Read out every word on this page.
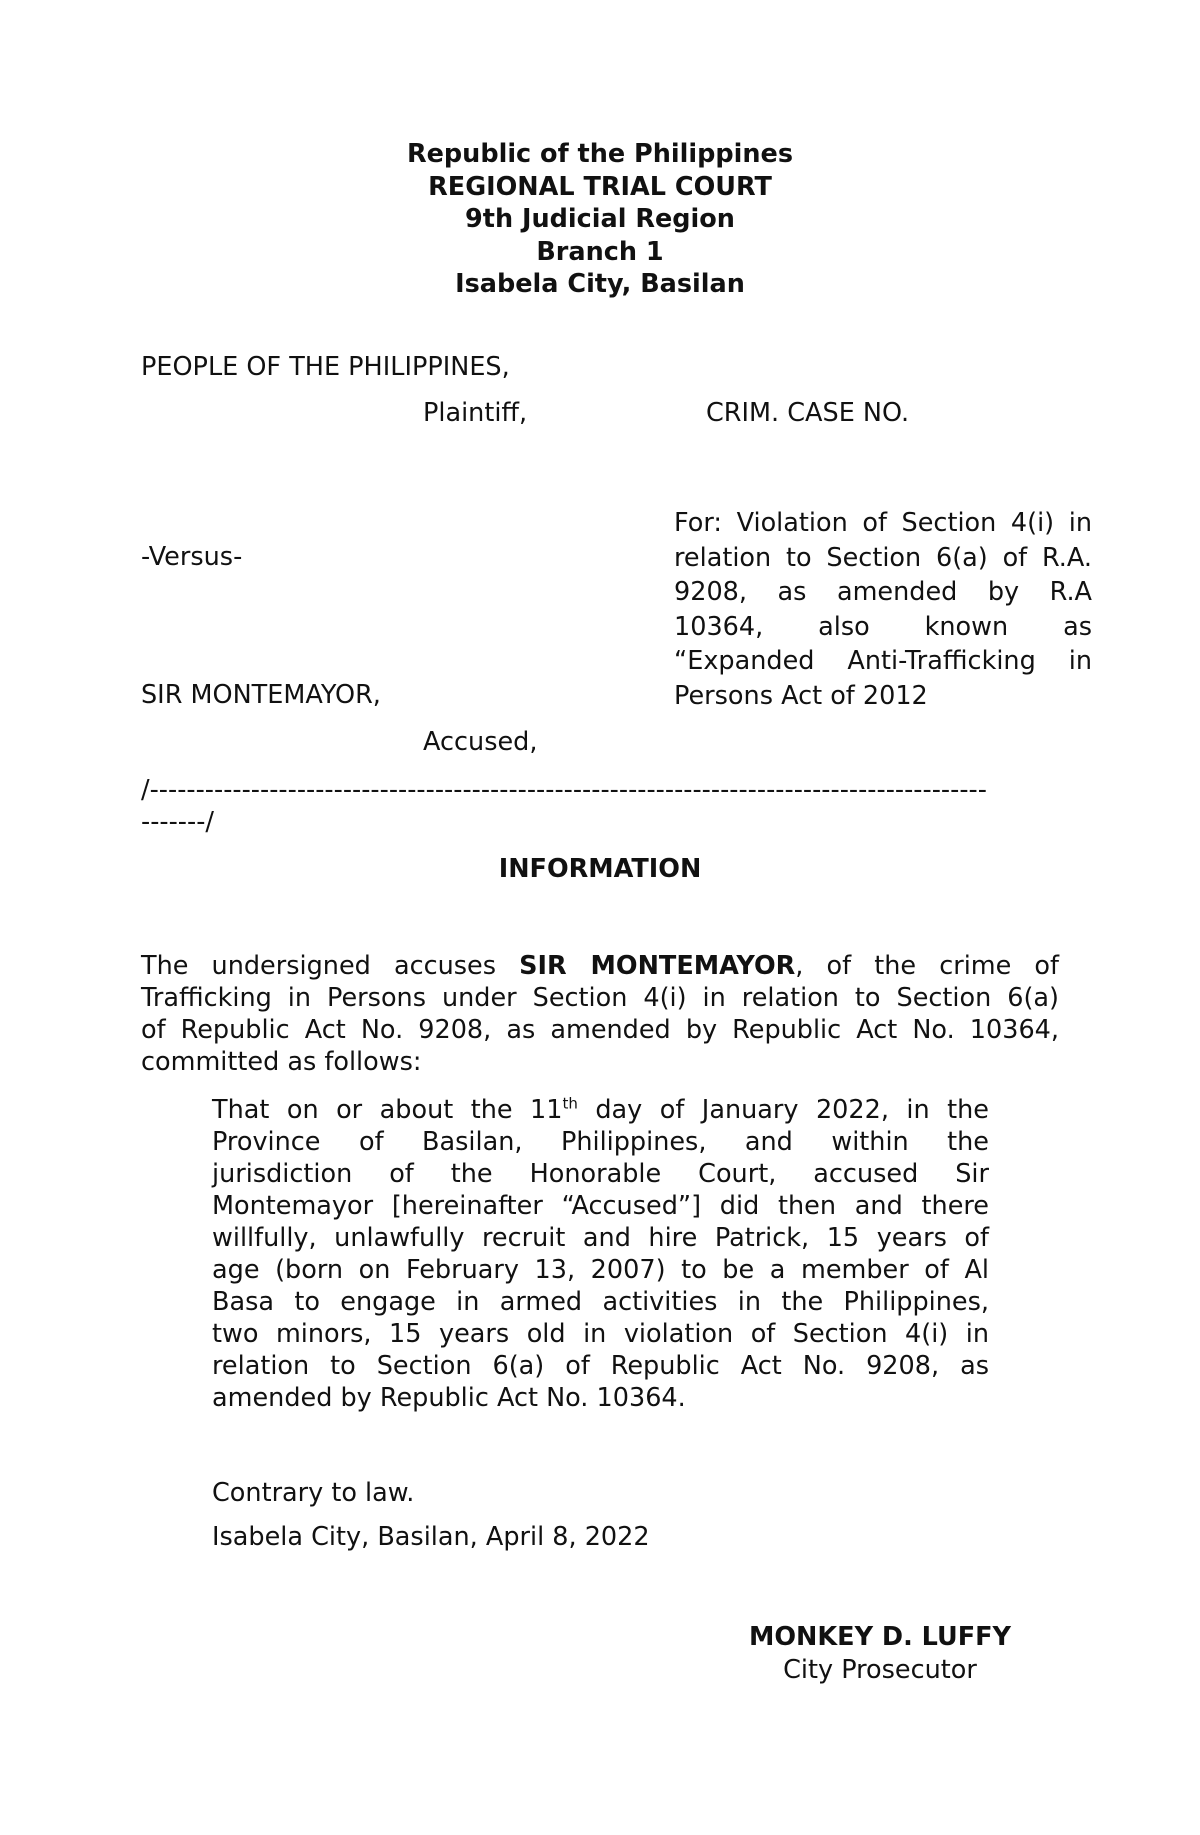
Republic of the Philippines
REGIONAL TRIAL COURT
9th Judicial Region
Branch 1
Isabela City, Basilan
PEOPLE OF THE PHILIPPINES,
Plaintiff,	CRIM. CASE NO.
-Versus-
SIR MONTEMAYOR,
Accused,
For: Violation of Section 4(i) in
relation to Section 6(a) of R.A.
9208, as amended by R.A
10364, also known as
“Expanded Anti-Trafficking in
Persons Act of 2012
/-------------------------------------------------------------------------------------------
-------/
INFORMATION
The undersigned accuses SIR MONTEMAYOR, of the crime of
Trafficking in Persons under Section 4(i) in relation to Section 6(a)
of Republic Act No. 9208, as amended by Republic Act No. 10364,
committed as follows:
That on or about the 11th day of January 2022, in the
Province of Basilan, Philippines, and within the
jurisdiction of the Honorable Court, accused Sir
Montemayor [hereinafter “Accused”] did then and there
willfully, unlawfully recruit and hire Patrick, 15 years of
age (born on February 13, 2007) to be a member of Al
Basa to engage in armed activities in the Philippines,
two minors, 15 years old in violation of Section 4(i) in
relation to Section 6(a) of Republic Act No. 9208, as
amended by Republic Act No. 10364.
Contrary to law.
Isabela City, Basilan, April 8, 2022
MONKEY D. LUFFY
City Prosecutor
